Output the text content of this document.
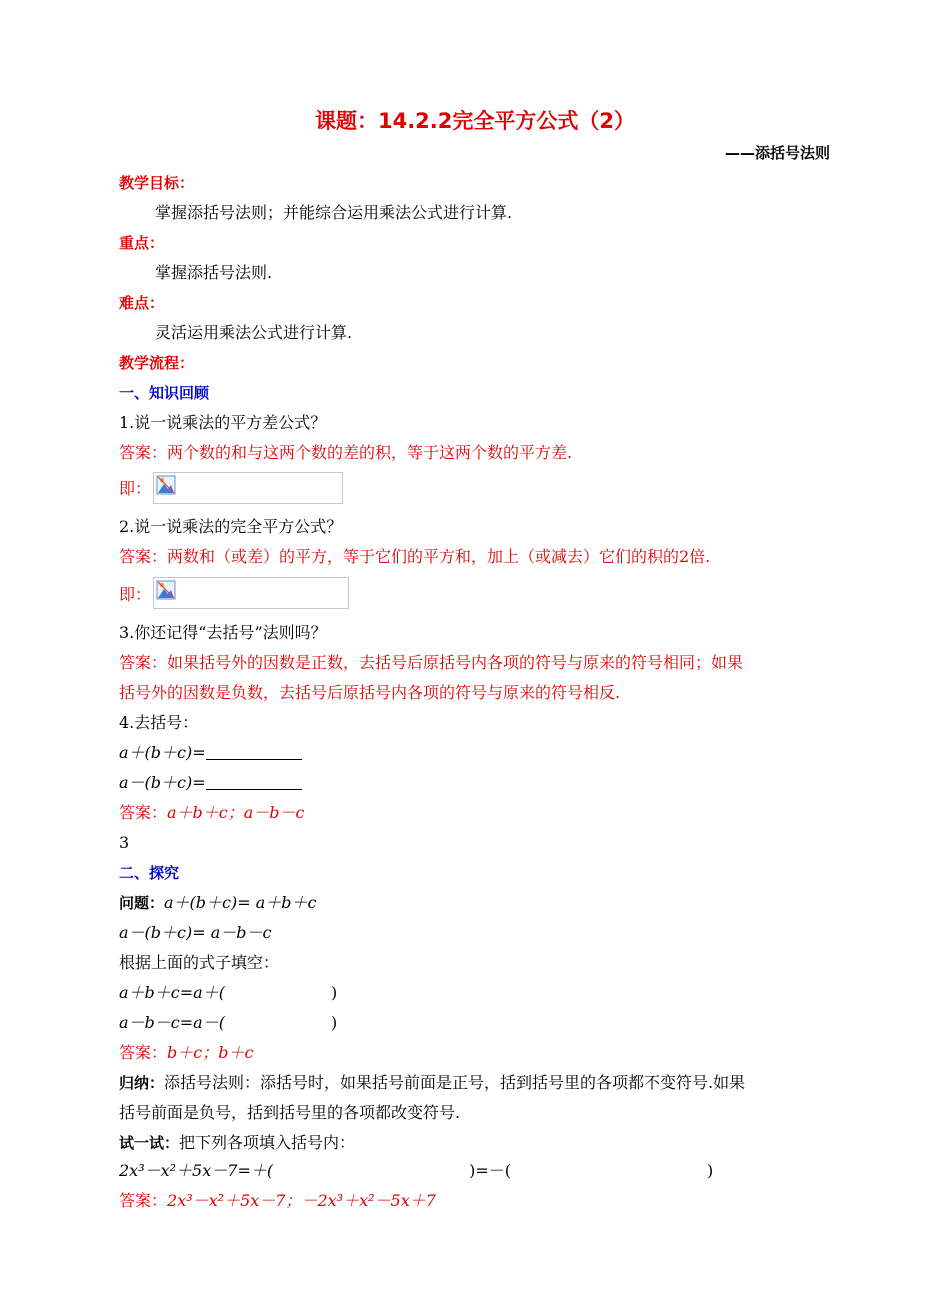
课题：14.2.2完全平方公式（2）
——添括号法则
教学目标：
掌握添括号法则；并能综合运用乘法公式进行计算.
重点：
掌握添括号法则.
难点：
灵活运用乘法公式进行计算.
教学流程：
一、知识回顾
1.说一说乘法的平方差公式？
答案：两个数的和与这两个数的差的积，等于这两个数的平方差.
即：
2.说一说乘法的完全平方公式？
答案：两数和（或差）的平方，等于它们的平方和，加上（或减去）它们的积的2倍.
即：
3.你还记得“去括号”法则吗？
答案：如果括号外的因数是正数，去括号后原括号内各项的符号与原来的符号相同；如果
括号外的因数是负数，去括号后原括号内各项的符号与原来的符号相反.
4.去括号：
a＋(b＋c)=
a－(b＋c)=
答案：a＋b＋c；a－b－c
3
二、探究
问题：a＋(b＋c)= a＋b＋c
a－(b＋c)= a－b－c
根据上面的式子填空：
a＋b＋c=a＋(	)
a－b－c=a－(	)
答案：b＋c；b＋c
归纳：添括号法则：添括号时，如果括号前面是正号，括到括号里的各项都不变符号.如果
括号前面是负号，括到括号里的各项都改变符号.
试一试：把下列各项填入括号内：
2x³－x²＋5x－7=＋(	)=－(	)
答案：2x³－x²＋5x－7；－2x³＋x²－5x＋7
